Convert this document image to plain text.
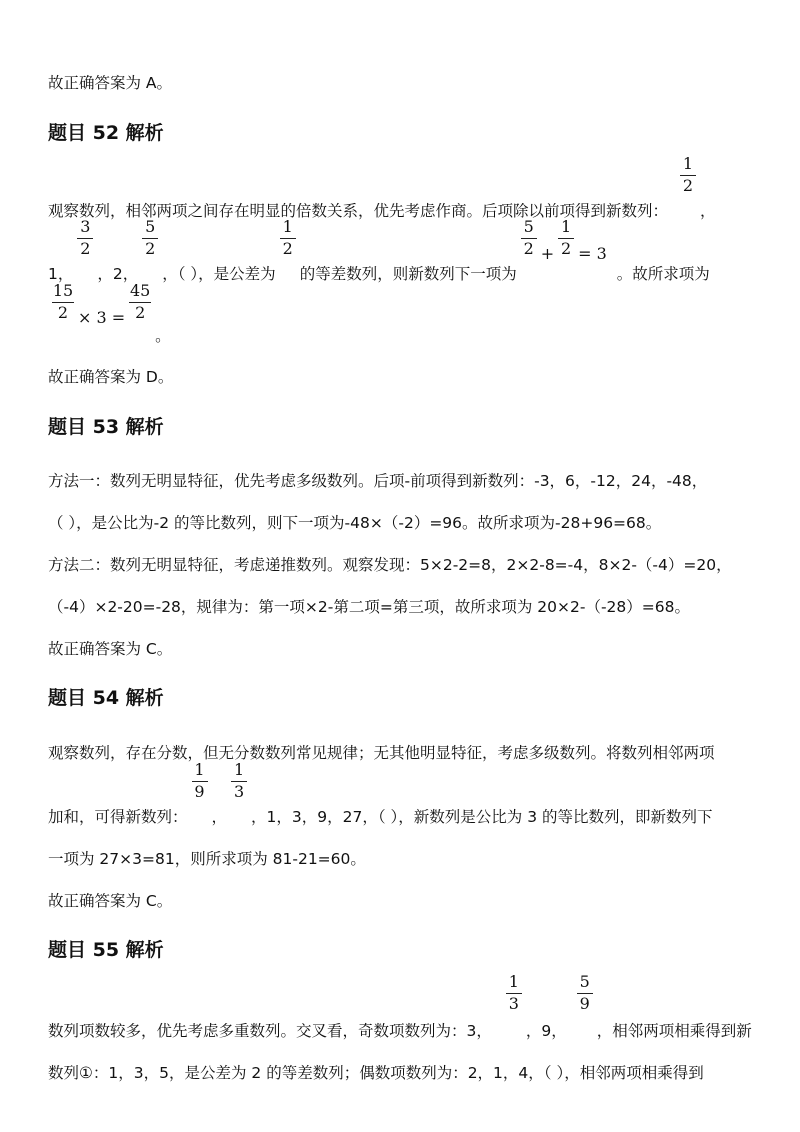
故正确答案为 A。
题目 52 解析
观察数列，相邻两项之间存在明显的倍数关系，优先考虑作商。后项除以前项得到新数列：
$\frac{1}{2}$
，
1，
$\frac{3}{2}$
，2，
$\frac{5}{2}$
，（ ），是公差为
$\frac{1}{2}$
的等差数列，则新数列下一项为
$\frac{5}{2}$
+
$\frac{1}{2}$
= 3。故所求项为
$\frac{15}{2}$
× 3 =
$\frac{45}{2}$
。
故正确答案为 D。
题目 53 解析
方法一：数列无明显特征，优先考虑多级数列。后项-前项得到新数列：-3，6，-12，24，-48，
（ ），是公比为-2 的等比数列，则下一项为-48×（-2）=96。故所求项为-28+96=68。
方法二：数列无明显特征，考虑递推数列。观察发现：5×2-2=8，2×2-8=-4，8×2-（-4）=20，
（-4）×2-20=-28，规律为：第一项×2-第二项=第三项，故所求项为 20×2-（-28）=68。
故正确答案为 C。
题目 54 解析
观察数列，存在分数，但无分数数列常见规律；无其他明显特征，考虑多级数列。将数列相邻两项
加和，可得新数列：
$\frac{1}{9}$
，
$\frac{1}{3}$
，1，3，9，27，（ ），新数列是公比为 3 的等比数列，即新数列下
一项为 27×3=81，则所求项为 81-21=60。
故正确答案为 C。
题目 55 解析
数列项数较多，优先考虑多重数列。交叉看，奇数项数列为：3，
$\frac{1}{3}$
，9，
$\frac{5}{9}$
，相邻两项相乘得到新
数列①：1，3，5，是公差为 2 的等差数列；偶数项数列为：2，1，4，（ ），相邻两项相乘得到
